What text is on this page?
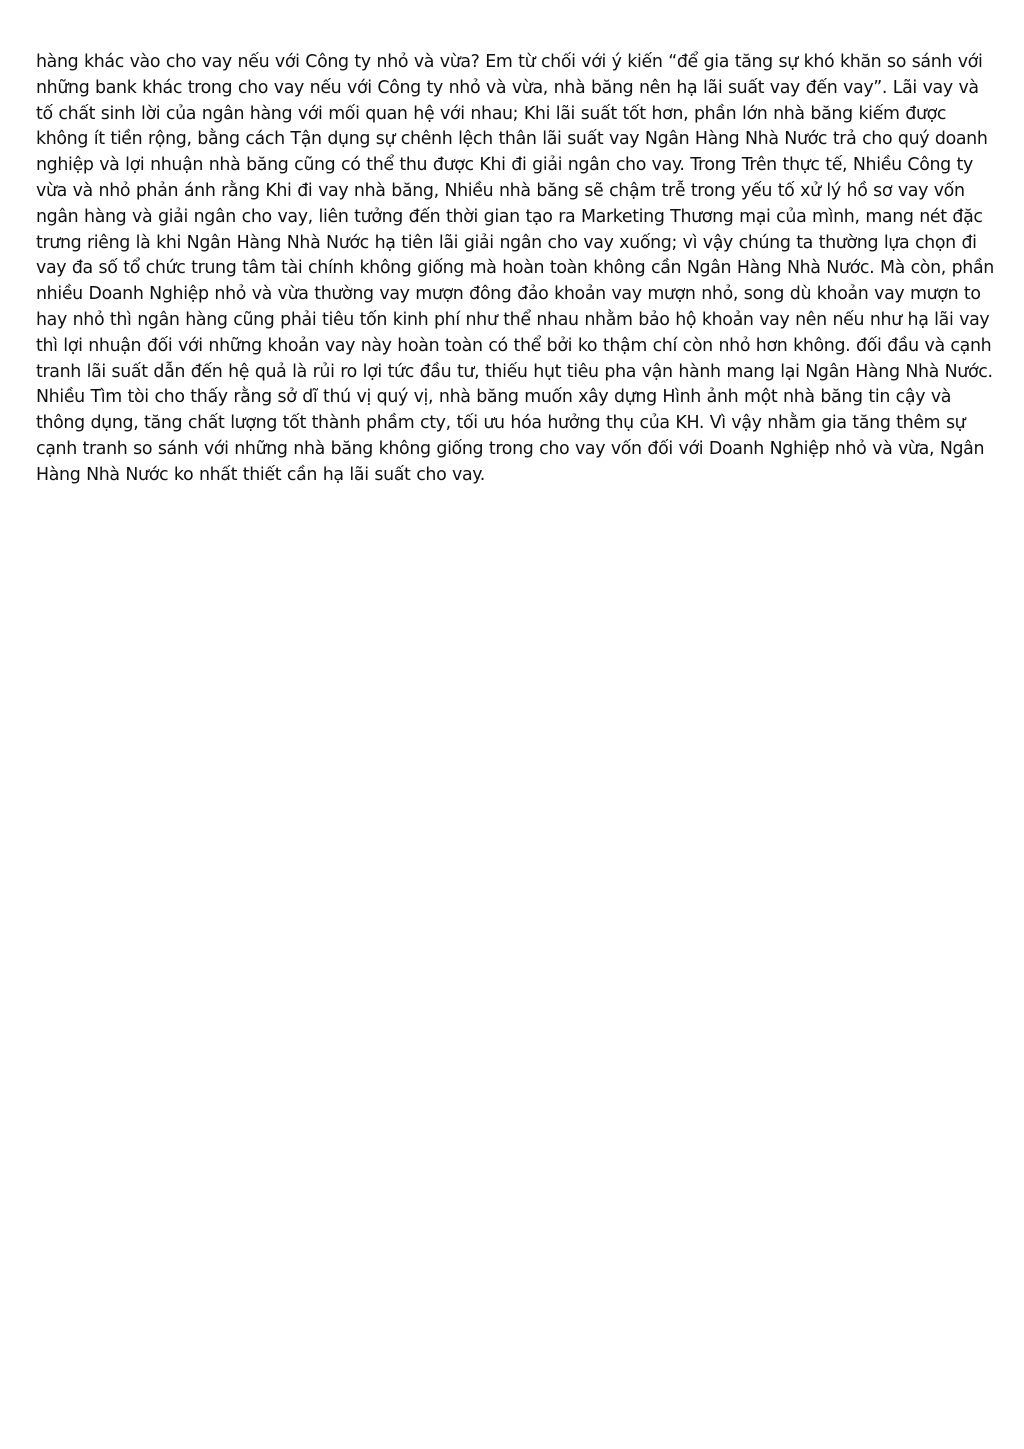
hàng khác vào cho vay nếu với Công ty nhỏ và vừa? Em từ chối với ý kiến “để gia tăng sự khó khăn so sánh với những bank khác trong cho vay nếu với Công ty nhỏ và vừa, nhà băng nên hạ lãi suất vay đến vay”. Lãi vay và tố chất sinh lời của ngân hàng với mối quan hệ với nhau; Khi lãi suất tốt hơn, phần lớn nhà băng kiếm được không ít tiền rộng, bằng cách Tận dụng sự chênh lệch thân lãi suất vay Ngân Hàng Nhà Nước trả cho quý doanh nghiệp và lợi nhuận nhà băng cũng có thể thu được Khi đi giải ngân cho vay. Trong Trên thực tế, Nhiều Công ty vừa và nhỏ phản ánh rằng Khi đi vay nhà băng, Nhiều nhà băng sẽ chậm trễ trong yếu tố xử lý hồ sơ vay vốn ngân hàng và giải ngân cho vay, liên tưởng đến thời gian tạo ra Marketing Thương mại của mình, mang nét đặc trưng riêng là khi Ngân Hàng Nhà Nước hạ tiên lãi giải ngân cho vay xuống; vì vậy chúng ta thường lựa chọn đi vay đa số tổ chức trung tâm tài chính không giống mà hoàn toàn không cần Ngân Hàng Nhà Nước. Mà còn, phần nhiều Doanh Nghiệp nhỏ và vừa thường vay mượn đông đảo khoản vay mượn nhỏ, song dù khoản vay mượn to hay nhỏ thì ngân hàng cũng phải tiêu tốn kinh phí như thể nhau nhằm bảo hộ khoản vay nên nếu như hạ lãi vay thì lợi nhuận đối với những khoản vay này hoàn toàn có thể bởi ko thậm chí còn nhỏ hơn không. đối đầu và cạnh tranh lãi suất dẫn đến hệ quả là rủi ro lợi tức đầu tư, thiếu hụt tiêu pha vận hành mang lại Ngân Hàng Nhà Nước. Nhiều Tìm tòi cho thấy rằng sở dĩ thú vị quý vị, nhà băng muốn xây dựng Hình ảnh một nhà băng tin cậy và thông dụng, tăng chất lượng tốt thành phầm cty, tối ưu hóa hưởng thụ của KH. Vì vậy nhằm gia tăng thêm sự cạnh tranh so sánh với những nhà băng không giống trong cho vay vốn đối với Doanh Nghiệp nhỏ và vừa, Ngân Hàng Nhà Nước ko nhất thiết cần hạ lãi suất cho vay.
